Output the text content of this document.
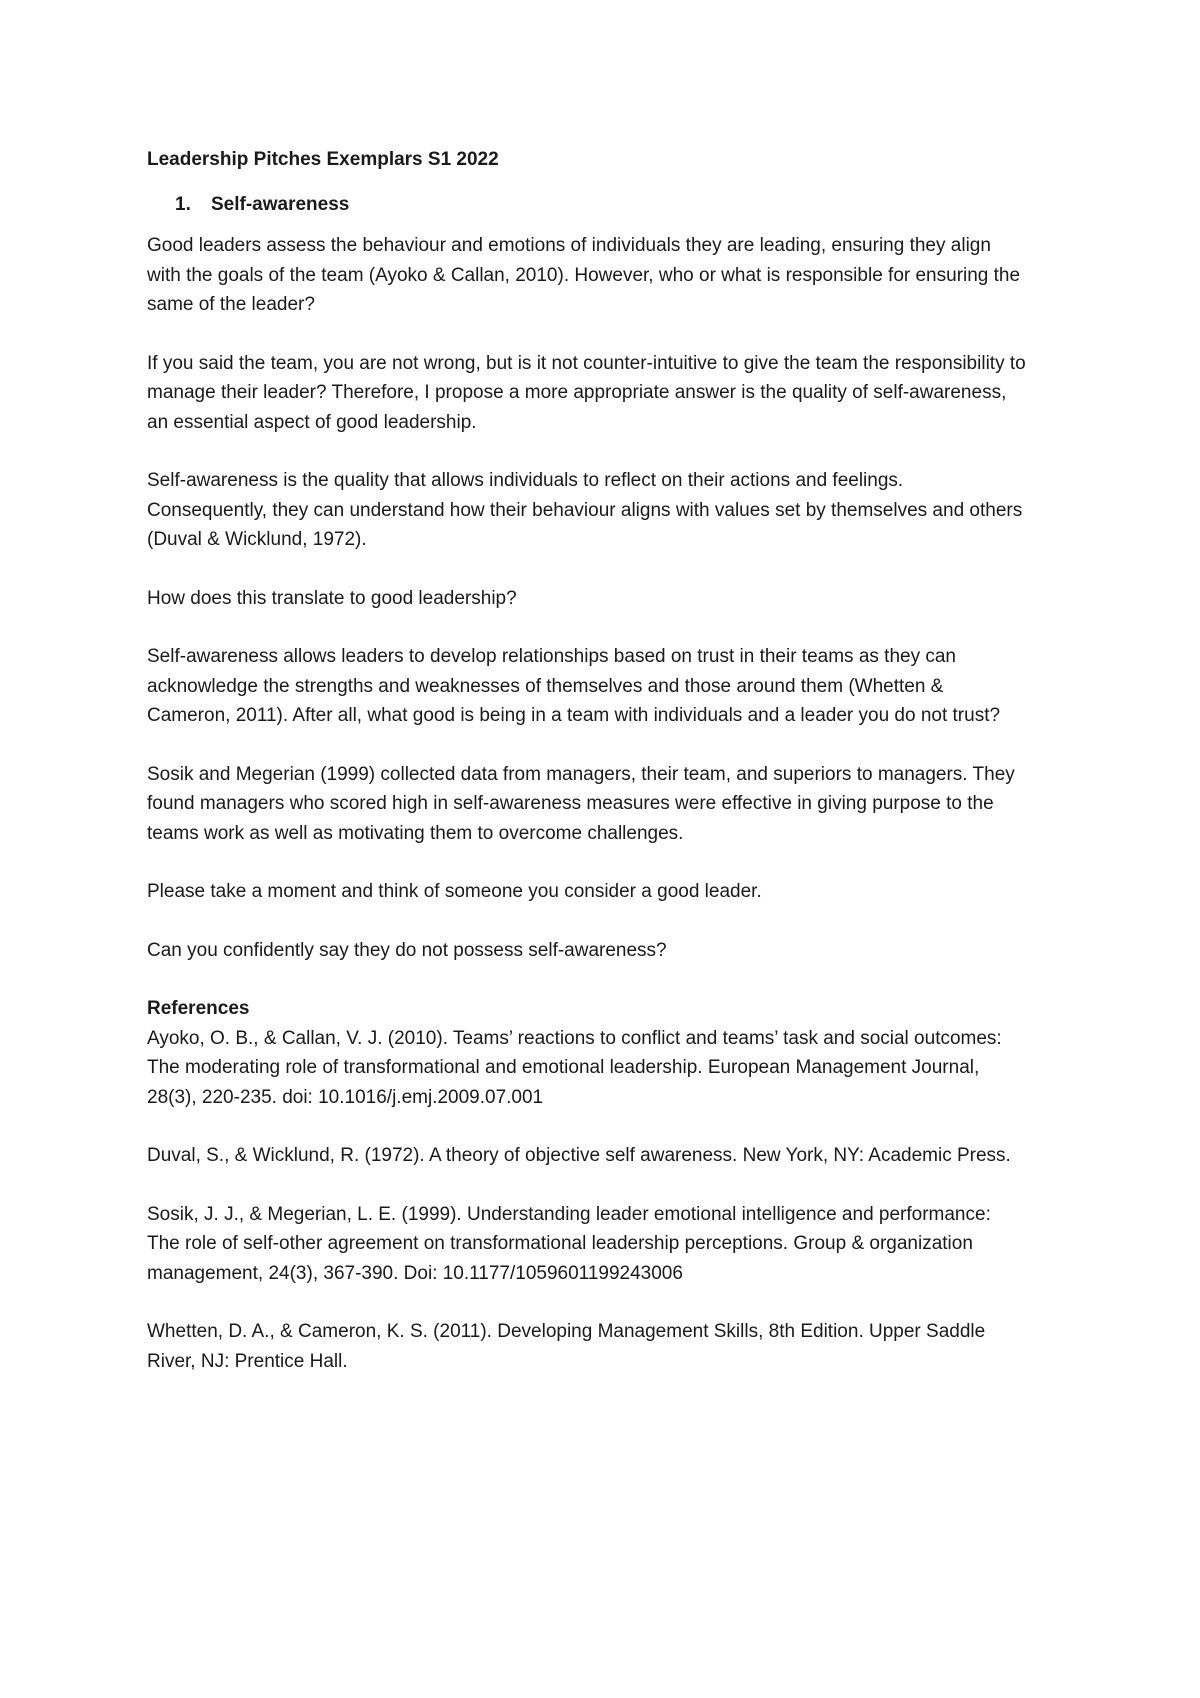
Leadership Pitches Exemplars S1 2022
1.	Self-awareness

Good leaders assess the behaviour and emotions of individuals they are leading, ensuring they align with the goals of the team (Ayoko & Callan, 2010). However, who or what is responsible for ensuring the same of the leader?

If you said the team, you are not wrong, but is it not counter-intuitive to give the team the responsibility to manage their leader? Therefore, I propose a more appropriate answer is the quality of self-awareness, an essential aspect of good leadership.

Self-awareness is the quality that allows individuals to reflect on their actions and feelings. Consequently, they can understand how their behaviour aligns with values set by themselves and others (Duval & Wicklund, 1972).

How does this translate to good leadership?

Self-awareness allows leaders to develop relationships based on trust in their teams as they can acknowledge the strengths and weaknesses of themselves and those around them (Whetten & Cameron, 2011). After all, what good is being in a team with individuals and a leader you do not trust?

Sosik and Megerian (1999) collected data from managers, their team, and superiors to managers. They found managers who scored high in self-awareness measures were effective in giving purpose to the teams work as well as motivating them to overcome challenges.

Please take a moment and think of someone you consider a good leader.

Can you confidently say they do not possess self-awareness?

References
Ayoko, O. B., & Callan, V. J. (2010). Teams’ reactions to conflict and teams’ task and social outcomes: The moderating role of transformational and emotional leadership. European Management Journal, 28(3), 220-235. doi: 10.1016/j.emj.2009.07.001
Duval, S., & Wicklund, R. (1972). A theory of objective self awareness. New York, NY: Academic Press.
Sosik, J. J., & Megerian, L. E. (1999). Understanding leader emotional intelligence and performance: The role of self-other agreement on transformational leadership perceptions. Group & organization management, 24(3), 367-390. Doi: 10.1177/1059601199243006
Whetten, D. A., & Cameron, K. S. (2011). Developing Management Skills, 8th Edition. Upper Saddle River, NJ: Prentice Hall.
